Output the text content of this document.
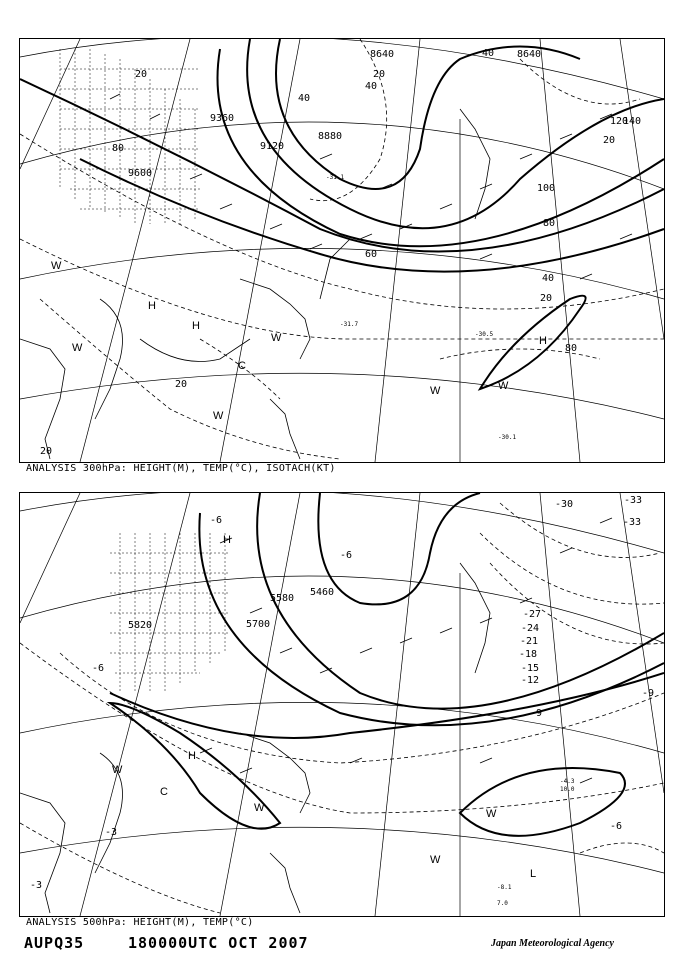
8640
8640
8880
9120
9360
9600
20	20
40
40
40
60
80
80
100
120
140
20
40
20
80
20
20
H
H
H
W
W
W
W
W	W
C
-31.1
-31.7
-30.5
-30.1
ANALYSIS 300hPa: HEIGHT(M), TEMP(°C), ISOTACH(KT)
5580
5820	5700
5460
-33
-33
-30
-27
-24
-21
-18
-15
-12
-9
-9
-6
-6
-3
-3
-6
-6
H
H
W
W
W
W
C
L
-8.1
7.0
-4.3
10.0
ANALYSIS 500hPa: HEIGHT(M), TEMP(°C)
AUPQ35	180000UTC OCT 2007	Japan Meteorological Agency
